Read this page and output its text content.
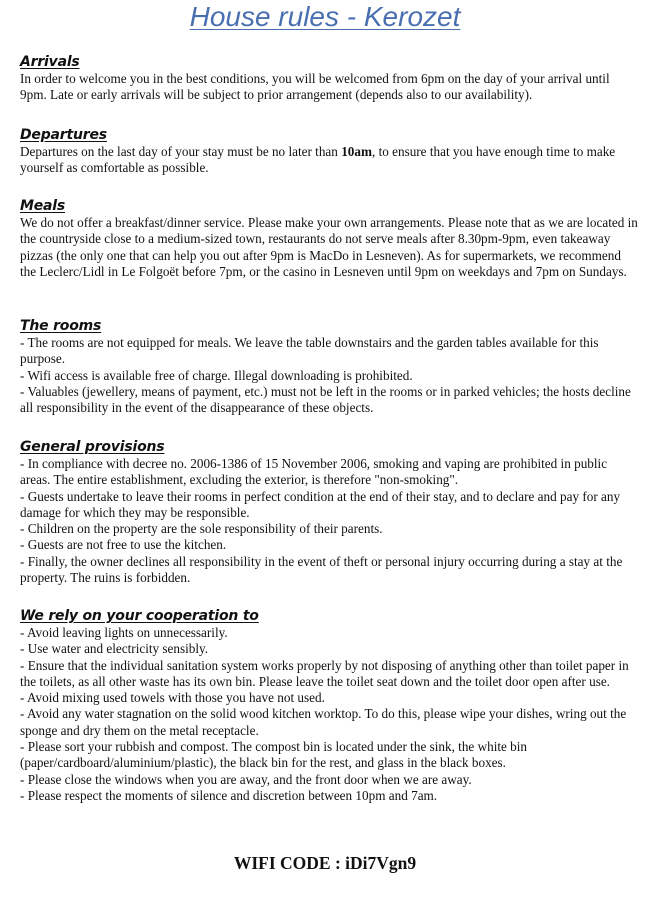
House rules - Kerozet
Arrivals

In order to welcome you in the best conditions, you will be welcomed from 6pm on the day of your arrival until 9pm. Late or early arrivals will be subject to prior arrangement (depends also to our availability).

Departures

Departures on the last day of your stay must be no later than 10am, to ensure that you have enough time to make yourself as comfortable as possible.

Meals

We do not offer a breakfast/dinner service. Please make your own arrangements. Please note that as we are located in the countryside close to a medium-sized town, restaurants do not serve meals after 8.30pm-9pm, even takeaway pizzas (the only one that can help you out after 9pm is MacDo in Lesneven). As for supermarkets, we recommend the Leclerc/Lidl in Le Folgoët before 7pm, or the casino in Lesneven until 9pm on weekdays and 7pm on Sundays.

The rooms

- The rooms are not equipped for meals. We leave the table downstairs and the garden tables available for this purpose.

- Wifi access is available free of charge. Illegal downloading is prohibited.

- Valuables (jewellery, means of payment, etc.) must not be left in the rooms or in parked vehicles; the hosts decline all responsibility in the event of the disappearance of these objects.

General provisions

- In compliance with decree no. 2006-1386 of 15 November 2006, smoking and vaping are prohibited in public areas. The entire establishment, excluding the exterior, is therefore "non-smoking".

- Guests undertake to leave their rooms in perfect condition at the end of their stay, and to declare and pay for any damage for which they may be responsible.

- Children on the property are the sole responsibility of their parents.

- Guests are not free to use the kitchen.

- Finally, the owner declines all responsibility in the event of theft or personal injury occurring during a stay at the property. The ruins is forbidden.

We rely on your cooperation to

- Avoid leaving lights on unnecessarily.

- Use water and electricity sensibly.

- Ensure that the individual sanitation system works properly by not disposing of anything other than toilet paper in the toilets, as all other waste has its own bin. Please leave the toilet seat down and the toilet door open after use.

- Avoid mixing used towels with those you have not used.

- Avoid any water stagnation on the solid wood kitchen worktop. To do this, please wipe your dishes, wring out the sponge and dry them on the metal receptacle.

- Please sort your rubbish and compost. The compost bin is located under the sink, the white bin (paper/cardboard/aluminium/plastic), the black bin for the rest, and glass in the black boxes.

- Please close the windows when you are away, and the front door when we are away.

- Please respect the moments of silence and discretion between 10pm and 7am.

WIFI CODE : iDi7Vgn9
